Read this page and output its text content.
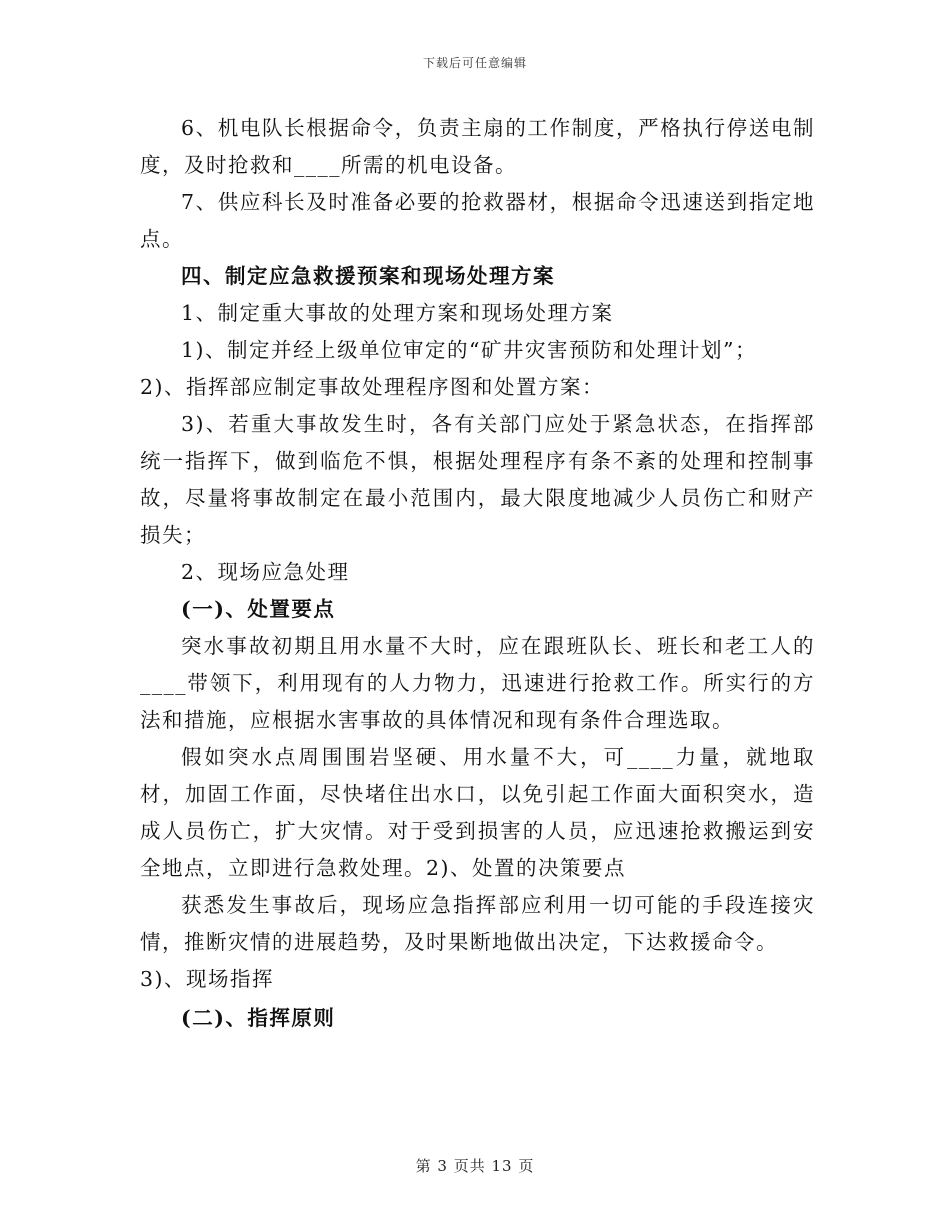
下载后可任意编辑

6、机电队长根据命令，负责主扇的工作制度，严格执行停送电制度，及时抢救和____所需的机电设备。

7、供应科长及时准备必要的抢救器材，根据命令迅速送到指定地点。

四、制定应急救援预案和现场处理方案

1、制定重大事故的处理方案和现场处理方案

1)、制定并经上级单位审定的“矿井灾害预防和处理计划”；

2)、指挥部应制定事故处理程序图和处置方案：

3)、若重大事故发生时，各有关部门应处于紧急状态，在指挥部统一指挥下，做到临危不惧，根据处理程序有条不紊的处理和控制事故，尽量将事故制定在最小范围内，最大限度地减少人员伤亡和财产损失；

2、现场应急处理

(一)、处置要点

突水事故初期且用水量不大时，应在跟班队长、班长和老工人的____带领下，利用现有的人力物力，迅速进行抢救工作。所实行的方法和措施，应根据水害事故的具体情况和现有条件合理选取。

假如突水点周围围岩坚硬、用水量不大，可____力量，就地取材，加固工作面，尽快堵住出水口，以免引起工作面大面积突水，造成人员伤亡，扩大灾情。对于受到损害的人员，应迅速抢救搬运到安全地点，立即进行急救处理。2)、处置的决策要点

获悉发生事故后，现场应急指挥部应利用一切可能的手段连接灾情，推断灾情的进展趋势，及时果断地做出决定，下达救援命令。

3)、现场指挥

(二)、指挥原则

第 3 页共 13 页
